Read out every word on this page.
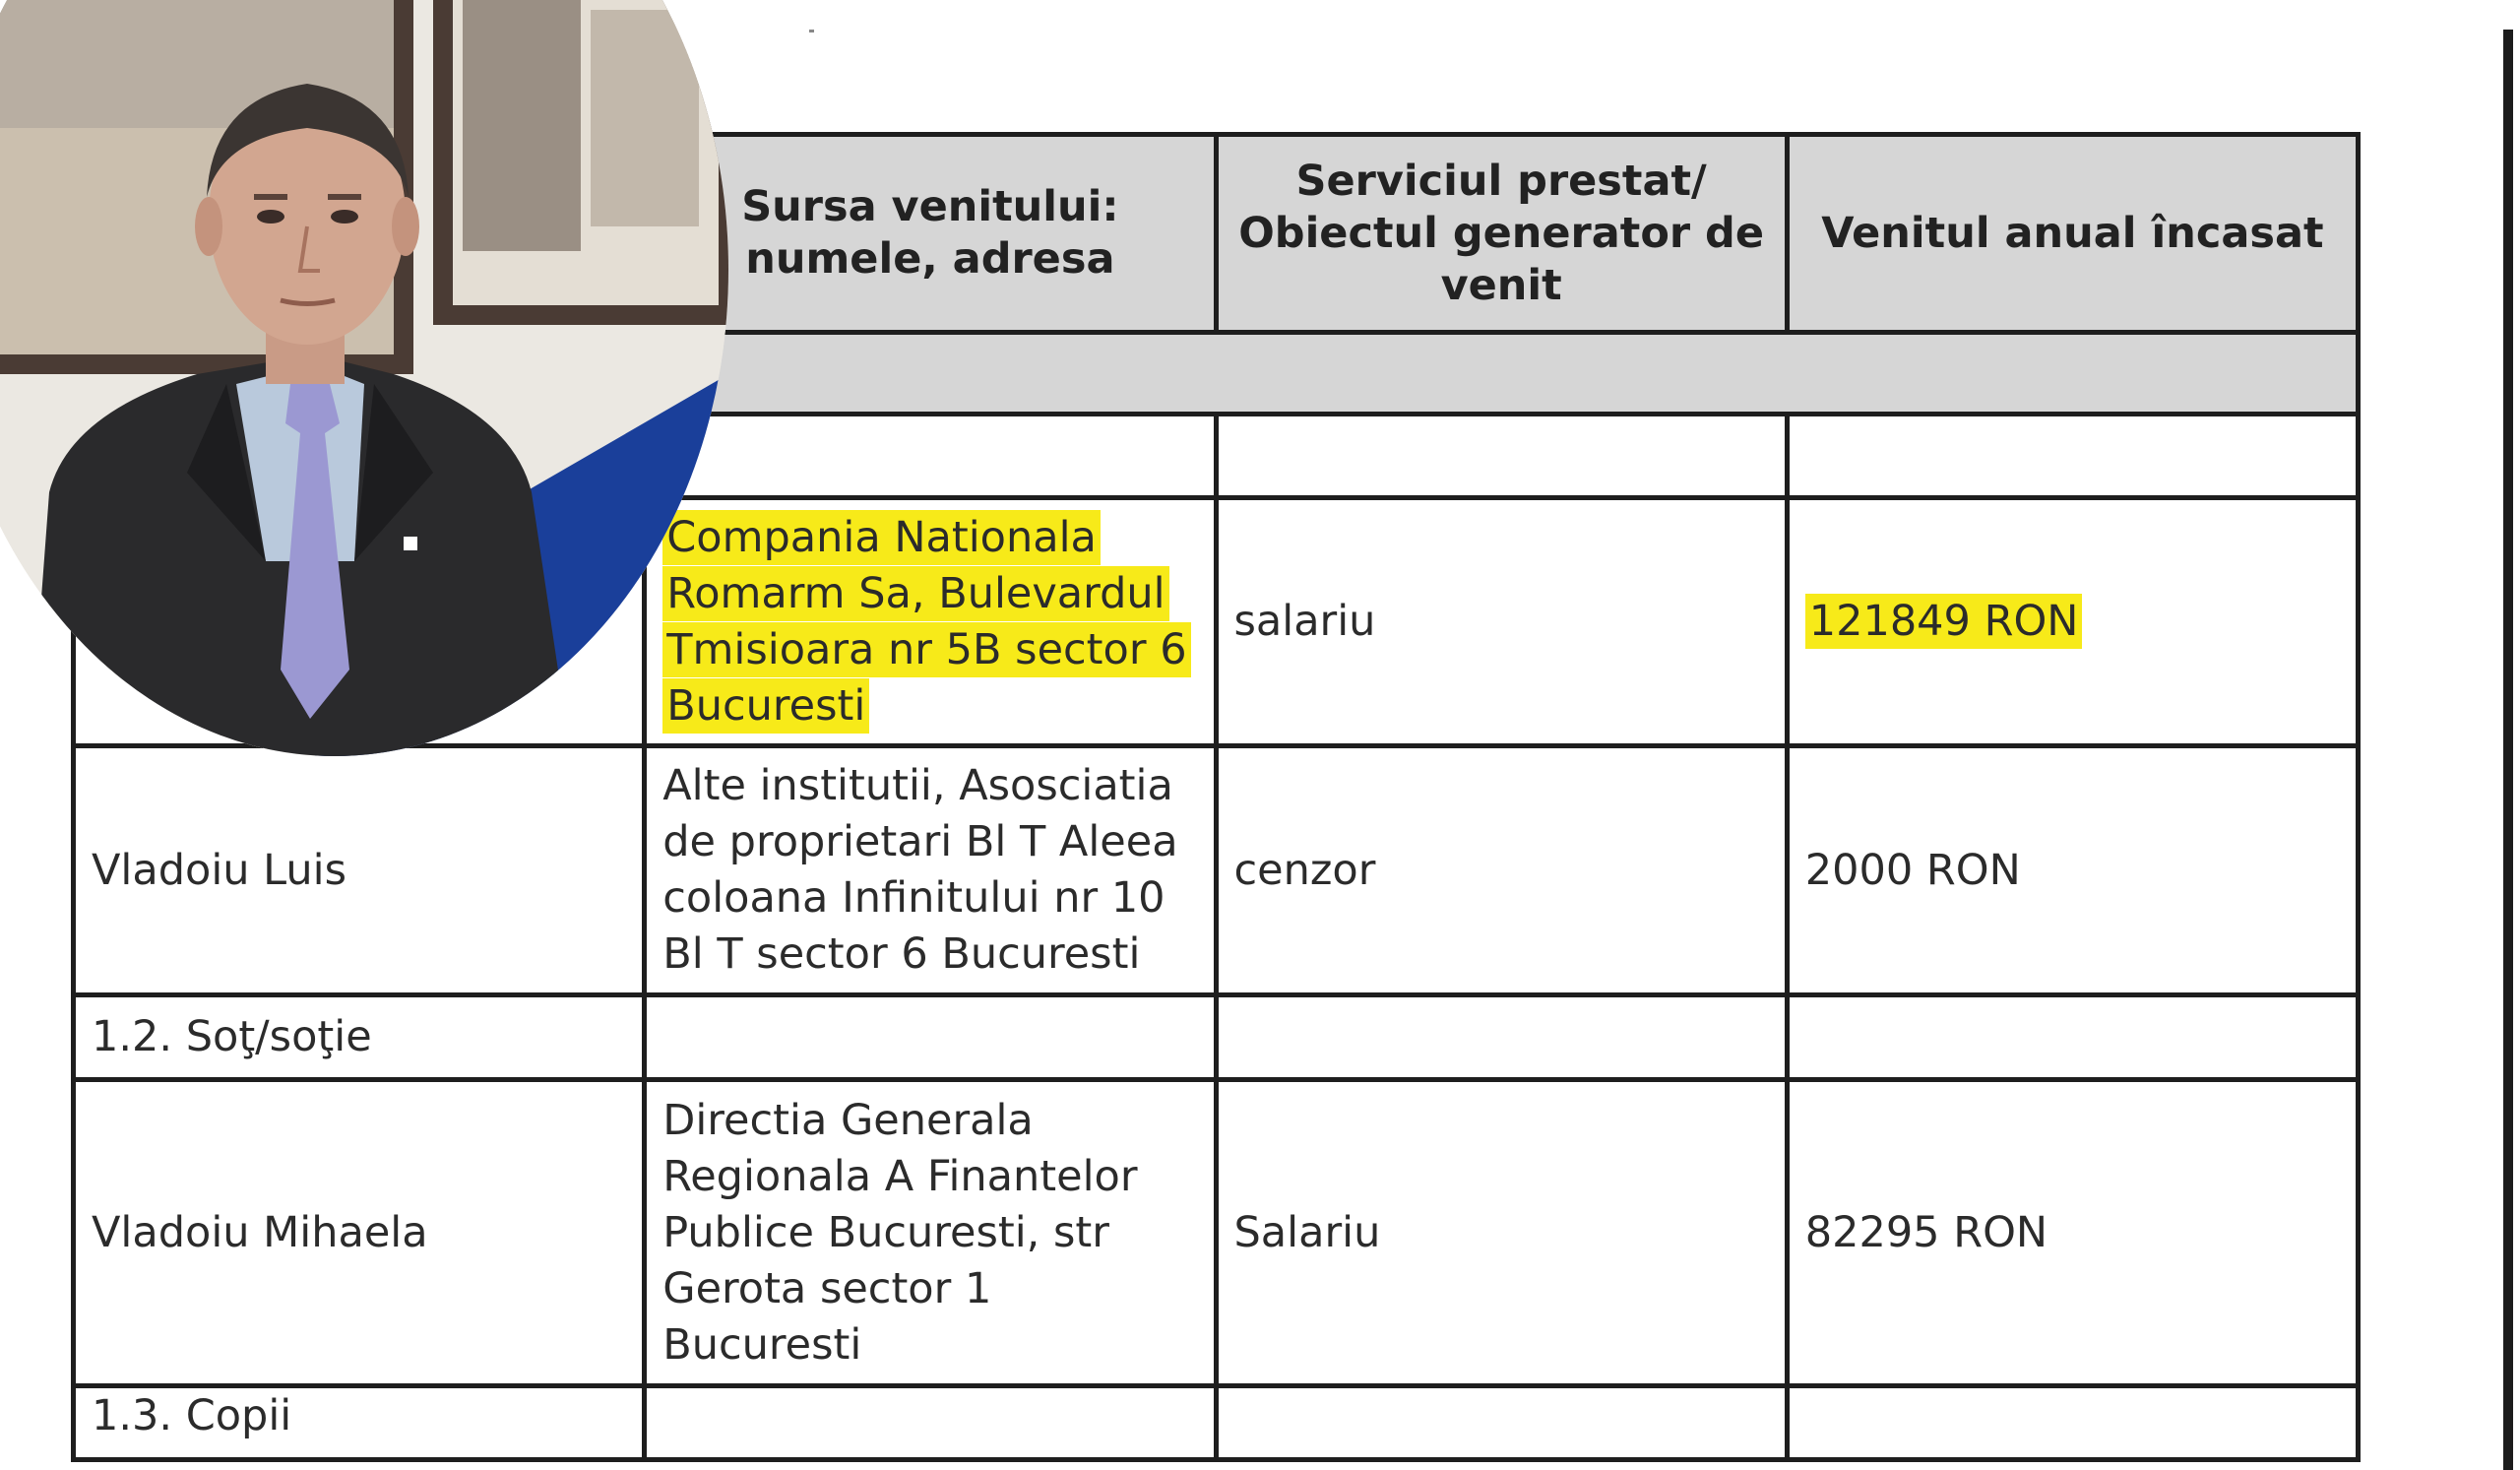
	Sursa venitului: numele, adresa	Serviciul prestat/ Obiectul generator de venit	Venitul anual încasat

	Compania Nationala Romarm Sa, Bulevardul Tmisioara nr 5B sector 6 Bucuresti	salariu	121849 RON
Vladoiu Luis	Alte institutii, Asosciatia de proprietari Bl T Aleea coloana Infinitului nr 10 Bl T sector 6 Bucuresti	cenzor	2000 RON
1.2. Soţ/soţie			
Vladoiu Mihaela	Directia Generala Regionala A Finantelor Publice Bucuresti, str Gerota sector 1 Bucuresti	Salariu	82295 RON
1.3. Copii			
